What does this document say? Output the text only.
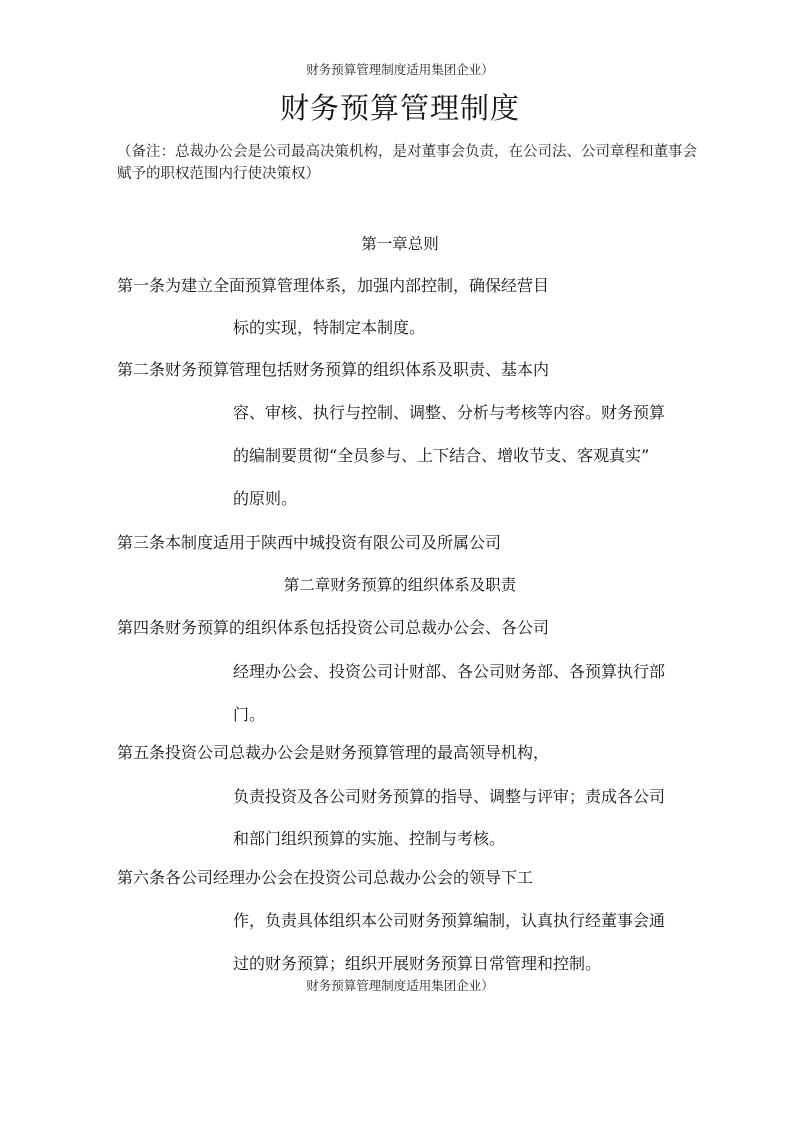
财务预算管理制度适用集团企业）
财务预算管理制度
（备注：总裁办公会是公司最高决策机构，是对董事会负责，在公司法、公司章程和董事会赋予的职权范围内行使决策权）
第一章总则
第一条为建立全面预算管理体系，加强内部控制，确保经营目
标的实现，特制定本制度。
第二条财务预算管理包括财务预算的组织体系及职责、基本内
容、审核、执行与控制、调整、分析与考核等内容。财务预算
的编制要贯彻“全员参与、上下结合、增收节支、客观真实”
的原则。
第三条本制度适用于陕西中城投资有限公司及所属公司
第二章财务预算的组织体系及职责
第四条财务预算的组织体系包括投资公司总裁办公会、各公司
经理办公会、投资公司计财部、各公司财务部、各预算执行部
门。
第五条投资公司总裁办公会是财务预算管理的最高领导机构，
负责投资及各公司财务预算的指导、调整与评审；责成各公司
和部门组织预算的实施、控制与考核。
第六条各公司经理办公会在投资公司总裁办公会的领导下工
作，负责具体组织本公司财务预算编制，认真执行经董事会通
过的财务预算；组织开展财务预算日常管理和控制。
财务预算管理制度适用集团企业）
